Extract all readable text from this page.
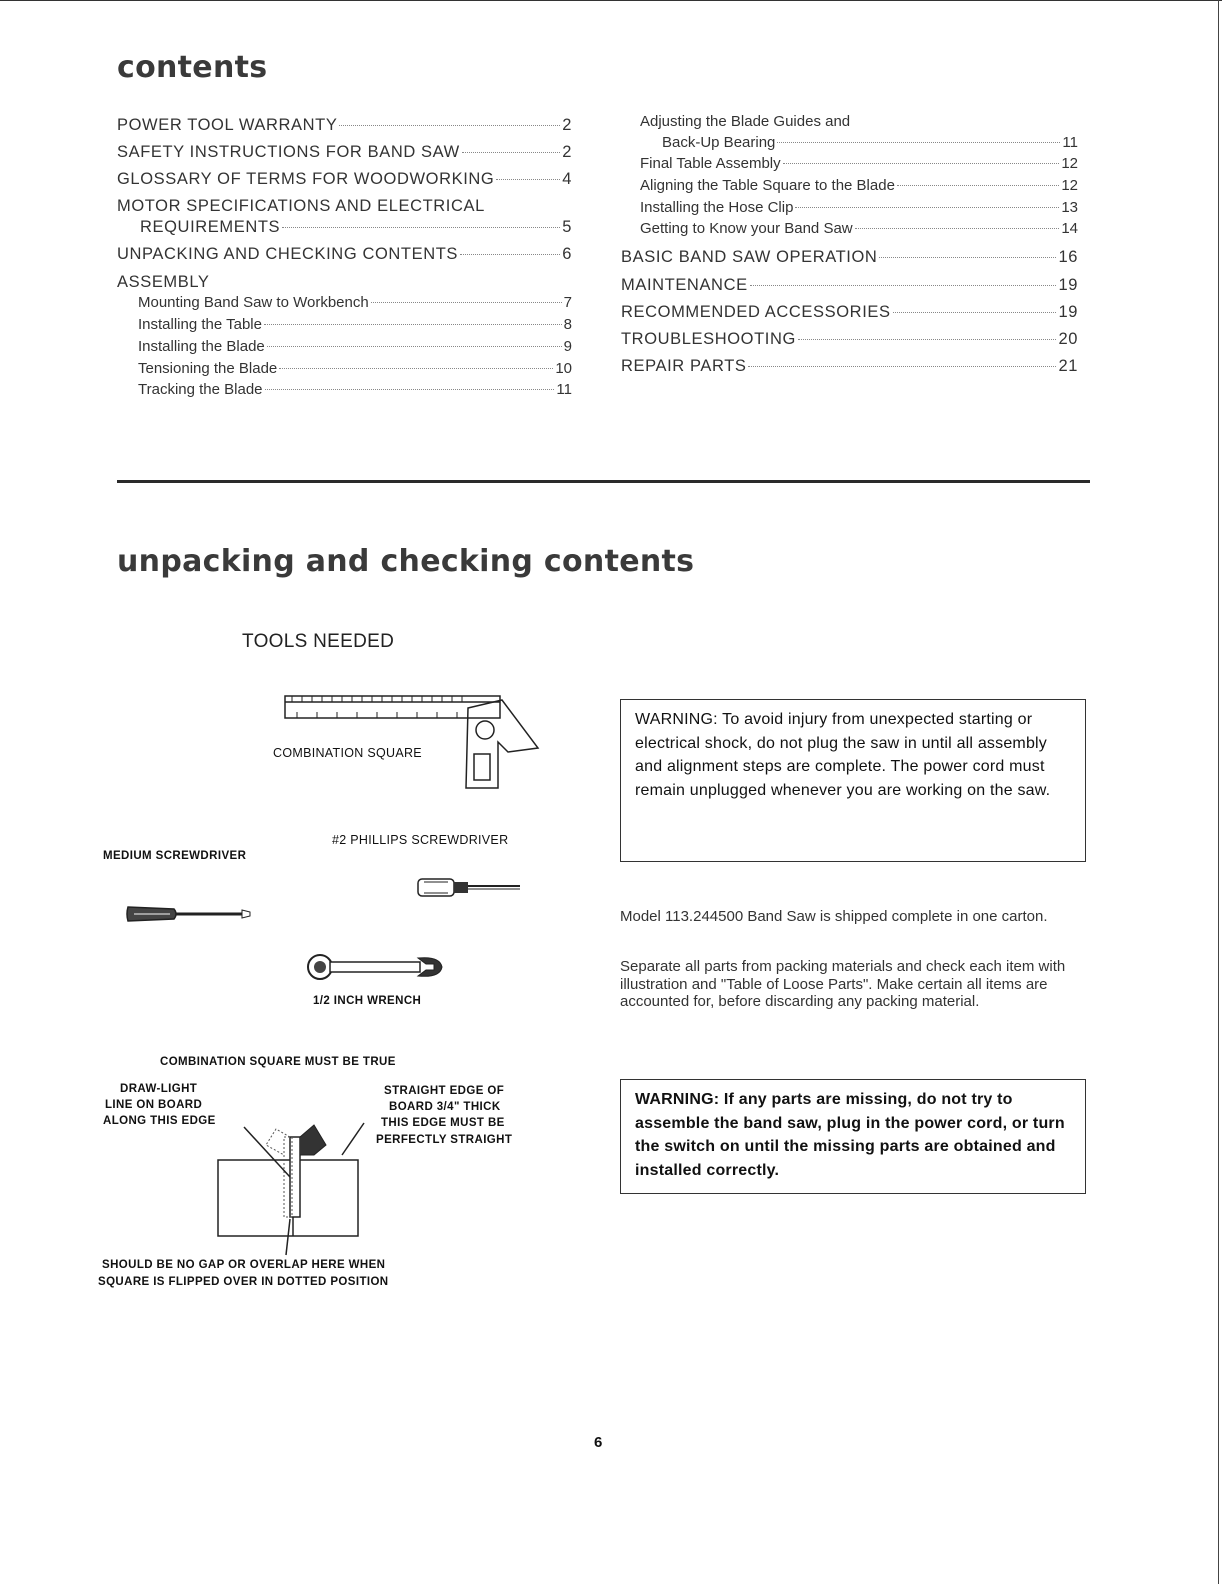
contents
POWER TOOL WARRANTY	2
SAFETY INSTRUCTIONS FOR BAND SAW	2
GLOSSARY OF TERMS FOR WOODWORKING	4
MOTOR SPECIFICATIONS AND ELECTRICAL
REQUIREMENTS	5
UNPACKING AND CHECKING CONTENTS	6
ASSEMBLY
Mounting Band Saw to Workbench	7
Installing the Table	8
Installing the Blade	9
Tensioning the Blade	10
Tracking the Blade	11
Adjusting the Blade Guides and
Back-Up Bearing	11
Final Table Assembly	12
Aligning the Table Square to the Blade	12
Installing the Hose Clip	13
Getting to Know your Band Saw	14
BASIC BAND SAW OPERATION	16
MAINTENANCE	19
RECOMMENDED ACCESSORIES	19
TROUBLESHOOTING	20
REPAIR PARTS	21
unpacking and checking contents
TOOLS NEEDED
COMBINATION SQUARE
#2 PHILLIPS SCREWDRIVER
MEDIUM SCREWDRIVER
1/2 INCH WRENCH
COMBINATION SQUARE MUST BE TRUE
DRAW-LIGHT
LINE ON BOARD
ALONG THIS EDGE
STRAIGHT EDGE OF
BOARD 3/4" THICK
THIS EDGE MUST BE
PERFECTLY STRAIGHT
SHOULD BE NO GAP OR OVERLAP HERE WHEN
SQUARE IS FLIPPED OVER IN DOTTED POSITION
WARNING: To avoid injury from unexpected starting or electrical shock, do not plug the saw in until all assembly and alignment steps are complete. The power cord must remain unplugged whenever you are working on the saw.
Model 113.244500 Band Saw is shipped complete in one carton.
Separate all parts from packing materials and check each item with illustration and "Table of Loose Parts". Make certain all items are accounted for, before discarding any packing material.
WARNING: If any parts are missing, do not try to assemble the band saw, plug in the power cord, or turn the switch on until the missing parts are obtained and installed correctly.
6
